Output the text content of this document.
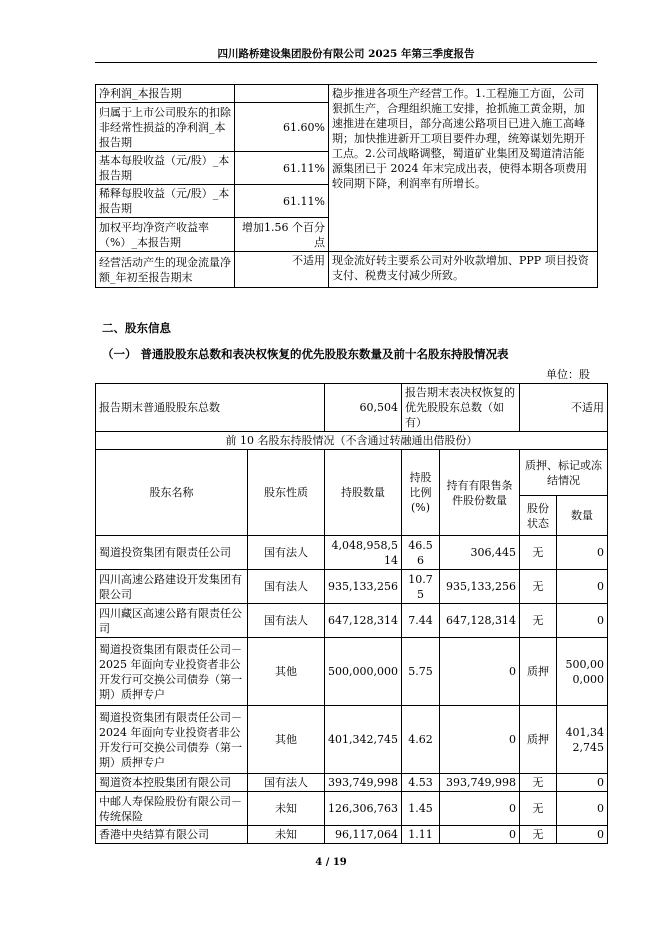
四川路桥建设集团股份有限公司 2025 年第三季度报告
净利润_本报告期		稳步推进各项生产经营工作。1.工程施工方面，公司狠抓生产，合理组织施工安排，抢抓施工黄金期，加速推进在建项目，部分高速公路项目已进入施工高峰期；加快推进新开工项目要件办理，统筹谋划先期开工点。2.公司战略调整，蜀道矿业集团及蜀道清洁能源集团已于 2024 年末完成出表，使得本期各项费用较同期下降，利润率有所增长。
归属于上市公司股东的扣除非经常性损益的净利润_本报告期	61.60%	
基本每股收益（元/股）_本报告期	61.11%	
稀释每股收益（元/股）_本报告期	61.11%	
加权平均净资产收益率（%）_本报告期	增加1.56 个百分点	
经营活动产生的现金流量净额_年初至报告期末	不适用	现金流好转主要系公司对外收款增加、PPP 项目投资支付、税费支付减少所致。
二、股东信息
（一） 普通股股东总数和表决权恢复的优先股股东数量及前十名股东持股情况表
单位：股
报告期末普通股股东总数		60,504	报告期末表决权恢复的优先股股东总数（如有）		不适用	
前 10 名股东持股情况（不含通过转融通出借股份）						
股东名称	股东性质	持股数量	持股比例(%)	持有有限售条件股份数量	质押、标记或冻结情况	
					股份状态	数量
蜀道投资集团有限责任公司	国有法人	4,048,958,514	46.56	306,445	无	0
四川高速公路建设开发集团有限公司	国有法人	935,133,256	10.75	935,133,256	无	0
四川藏区高速公路有限责任公司	国有法人	647,128,314	7.44	647,128,314	无	0
蜀道投资集团有限责任公司－2025 年面向专业投资者非公开发行可交换公司债券（第一期）质押专户	其他	500,000,000	5.75	0	质押	500,000,000
蜀道投资集团有限责任公司－2024 年面向专业投资者非公开发行可交换公司债券（第一期）质押专户	其他	401,342,745	4.62	0	质押	401,342,745
蜀道资本控股集团有限公司	国有法人	393,749,998	4.53	393,749,998	无	0
中邮人寿保险股份有限公司－传统保险	未知	126,306,763	1.45	0	无	0
香港中央结算有限公司	未知	96,117,064	1.11	0	无	0
4 / 19
